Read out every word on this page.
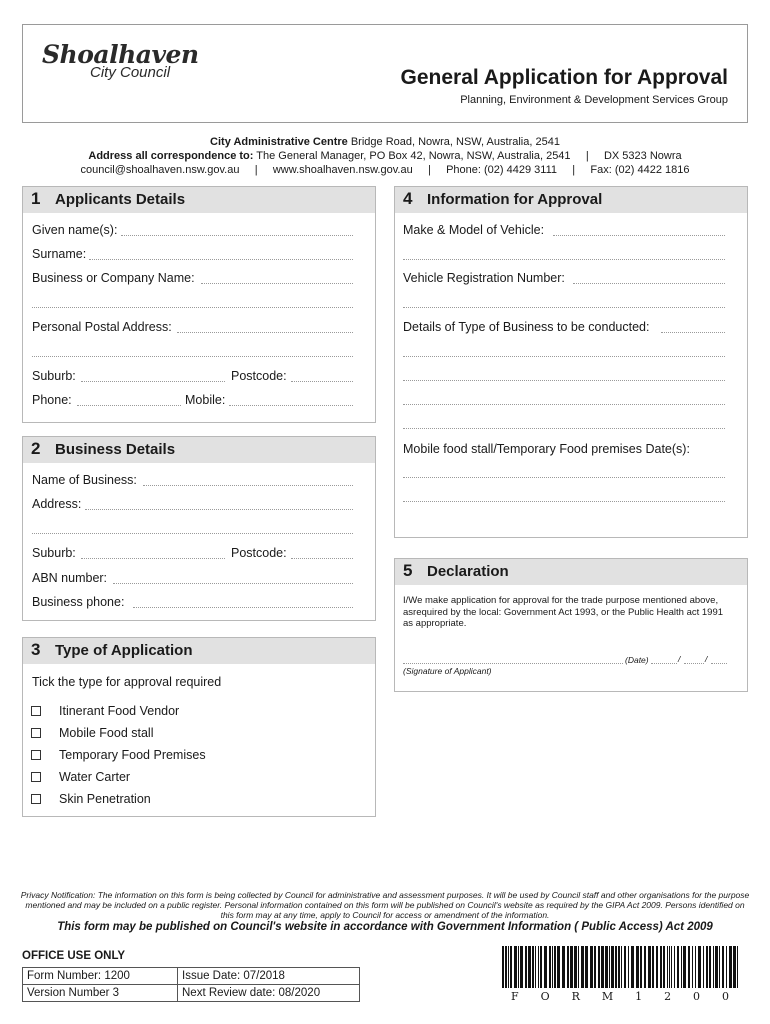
Shoalhaven
City Council	General Application for Approval
Planning, Environment & Development Services Group
City Administrative Centre Bridge Road, Nowra, NSW, Australia, 2541
Address all correspondence to: The General Manager, PO Box 42, Nowra, NSW, Australia, 2541     |     DX 5323 Nowra
council@shoalhaven.nsw.gov.au     |     www.shoalhaven.nsw.gov.au     |     Phone: (02) 4429 3111     |     Fax: (02) 4422 1816
1 Applicants Details
Given name(s):
Surname:
Business or Company Name:
Personal Postal Address:
Suburb:	Postcode:
Phone:	Mobile:
2 Business Details
Name of Business:
Address:
Suburb:	Postcode:
ABN number:
Business phone:
3 Type of Application
Tick the type for approval required
Itinerant Food Vendor
Mobile Food stall
Temporary Food Premises
Water Carter
Skin Penetration
4 Information for Approval
Make & Model of Vehicle:
Vehicle Registration Number:
Details of Type of Business to be conducted:
Mobile food stall/Temporary Food premises Date(s):
5 Declaration
I/We make application for approval for the trade purpose mentioned above, asrequired by the local: Government Act 1993, or the Public Health act 1991 as appropriate.
(Date)	/	/
(Signature of Applicant)
Privacy Notification: The information on this form is being collected by Council for administrative and assessment purposes. It will be used by Council staff and other organisations for the purpose mentioned and may be included on a public register. Personal information contained on this form will be published on Council's website as required by the GIPA Act 2009. Persons identified on this form may at any time, apply to Council for access or amendment of the information.
This form may be published on Council's website in accordance with Government Information ( Public Access) Act 2009
OFFICE USE ONLY
Form Number: 1200	Issue Date: 07/2018
Version Number 3	Next Review date: 08/2020	F O R M 1 2 0 0
